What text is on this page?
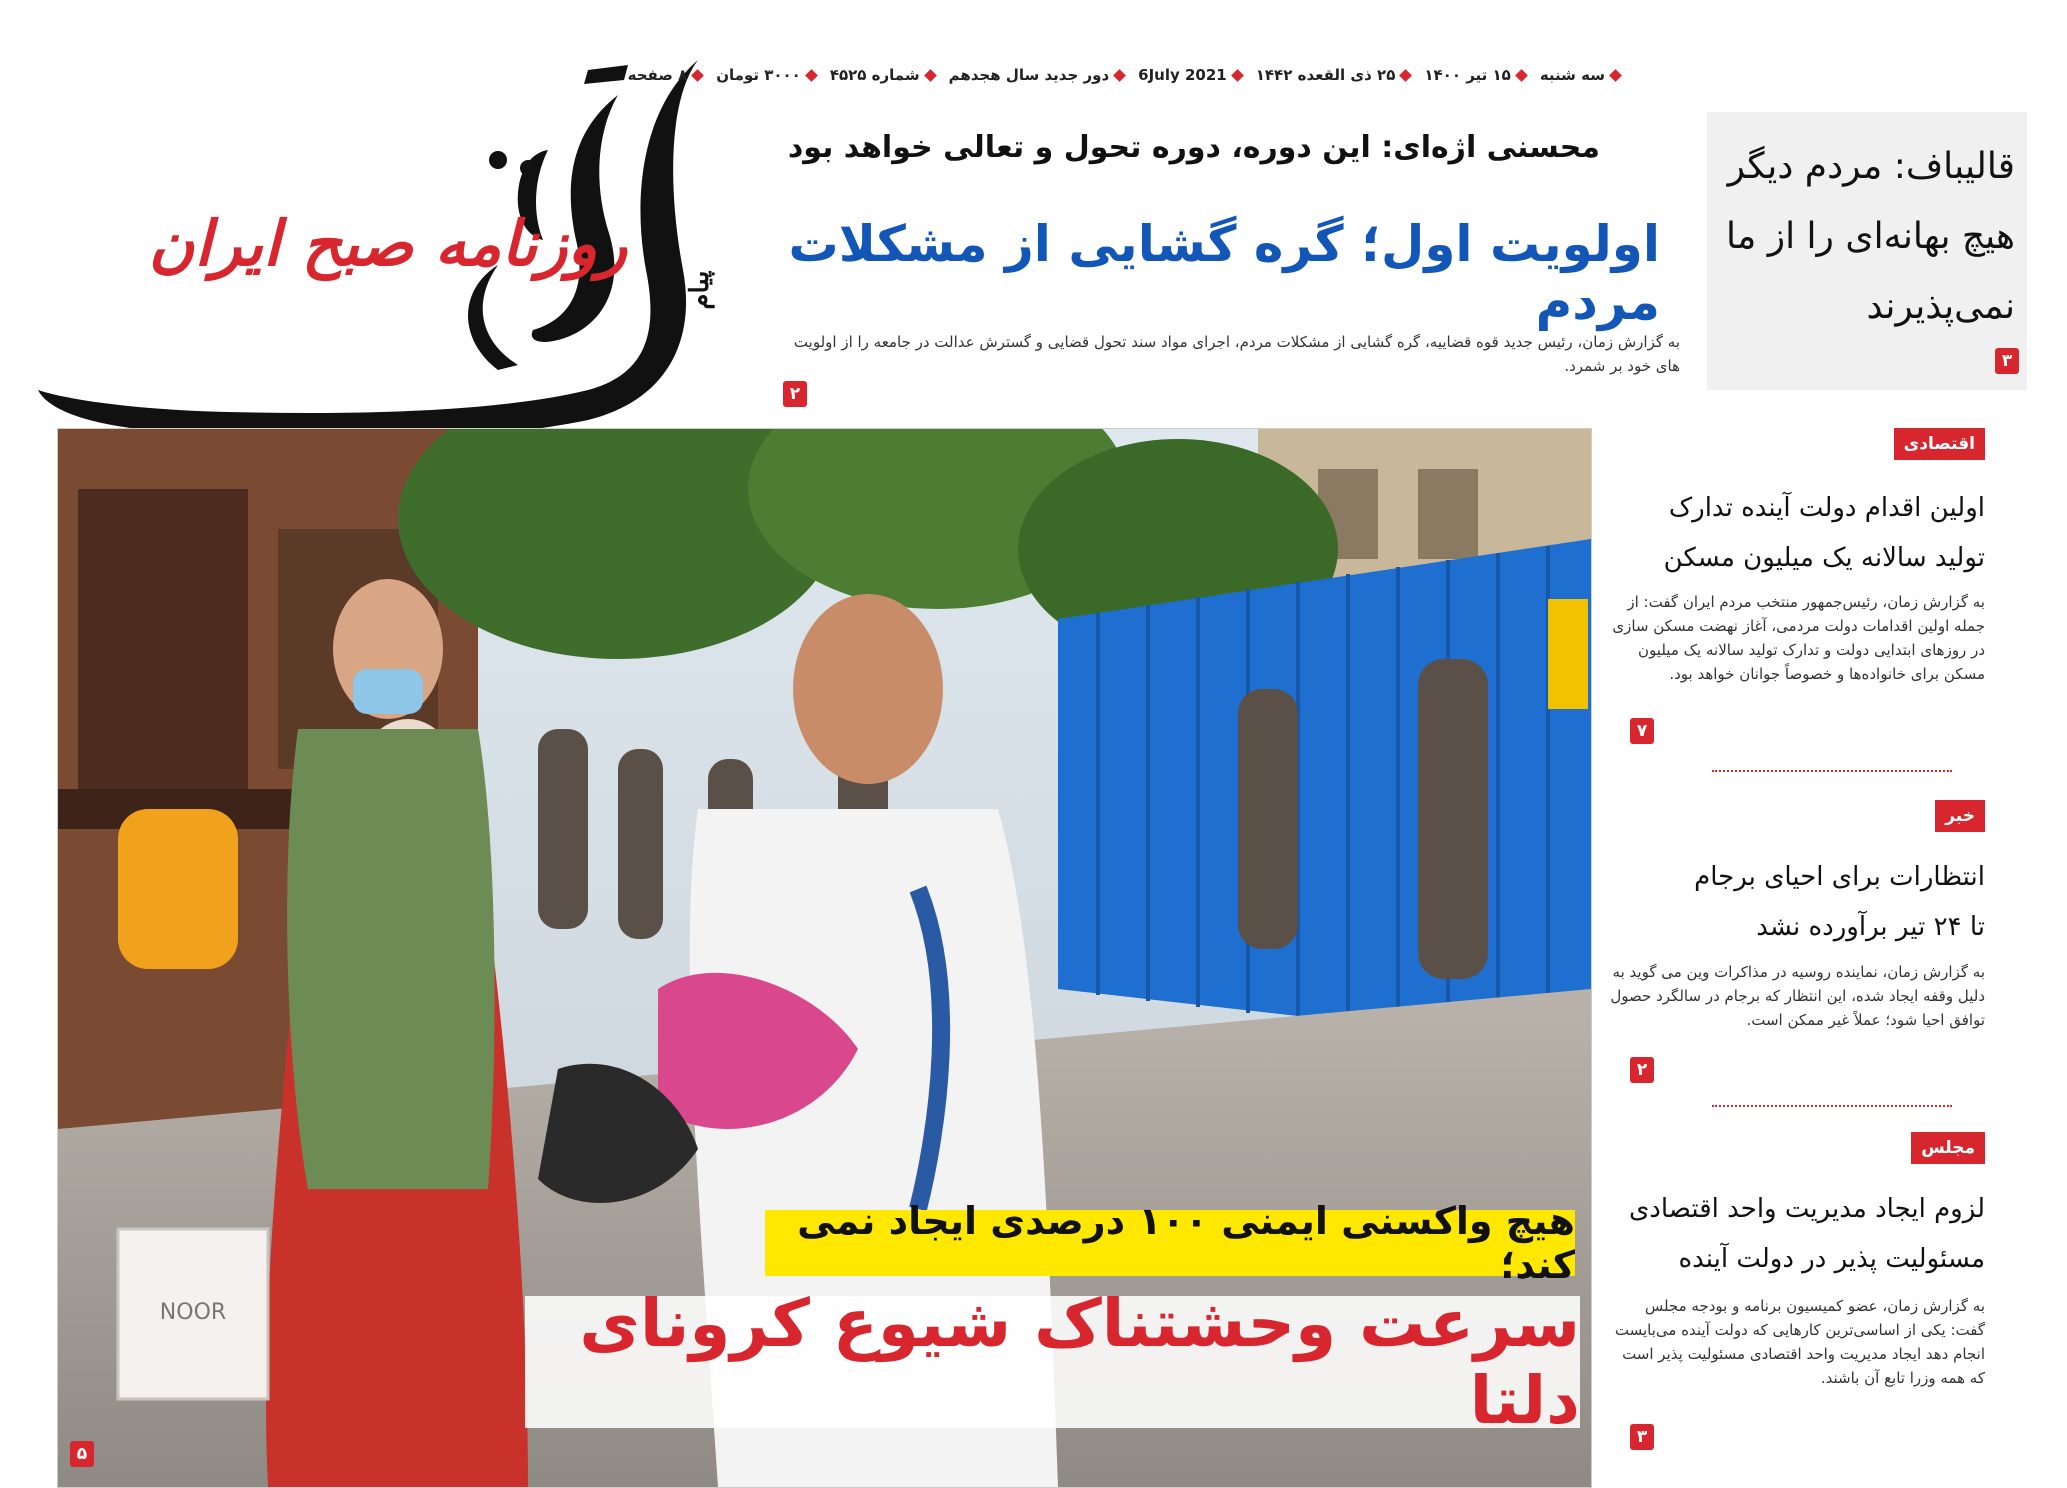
روزنامه صبح ایران
پیام
سه شنبه
۱۵ تیر ۱۴۰۰
۲۵ ذی القعده ۱۴۴۲
6July 2021
دور جدید سال هجدهم
شماره ۴۵۲۵
۳۰۰۰ تومان
۸ صفحه
قالیباف: مردم دیگر هیچ بهانه‌ای را از ما نمی‌پذیرند
۳
محسنی اژه‌ای: این دوره، دوره تحول و تعالی خواهد بود
اولویت اول؛ گره گشایی از مشکلات مردم
به گزارش زمان، رئیس جدید قوه قضاییه، گره گشایی از مشکلات مردم، اجرای مواد سند تحول قضایی و گسترش عدالت در جامعه را از اولویت های خود بر شمرد.
۲
NOOR
۵
هیچ واکسنی ایمنی ۱۰۰ درصدی ایجاد نمی کند؛
سرعت وحشتناک شیوع کرونای دلتا
اقتصادی
اولین اقدام دولت آینده تدارک
تولید سالانه یک میلیون مسکن
به گزارش زمان، رئیس‌جمهور منتخب مردم ایران گفت: از جمله اولین اقدامات دولت مردمی، آغاز نهضت مسکن سازی در روزهای ابتدایی دولت و تدارک تولید سالانه یک میلیون مسکن برای خانواده‌ها و خصوصاً جوانان خواهد بود.
۷
خبر
انتظارات برای احیای برجام
تا ۲۴ تیر برآورده نشد
به گزارش زمان، نماینده روسیه در مذاکرات وین می گوید به دلیل وقفه ایجاد شده، این انتظار که برجام در سالگرد حصول توافق احیا شود؛ عملاً غیر ممکن است.
۲
مجلس
لزوم ایجاد مدیریت واحد اقتصادی
مسئولیت پذیر در دولت آینده
به گزارش زمان، عضو کمیسیون برنامه و بودجه مجلس گفت: یکی از اساسی‌ترین کارهایی که دولت آینده می‌بایست انجام دهد ایجاد مدیریت واحد اقتصادی مسئولیت پذیر است که همه وزرا تابع آن باشند.
۳
